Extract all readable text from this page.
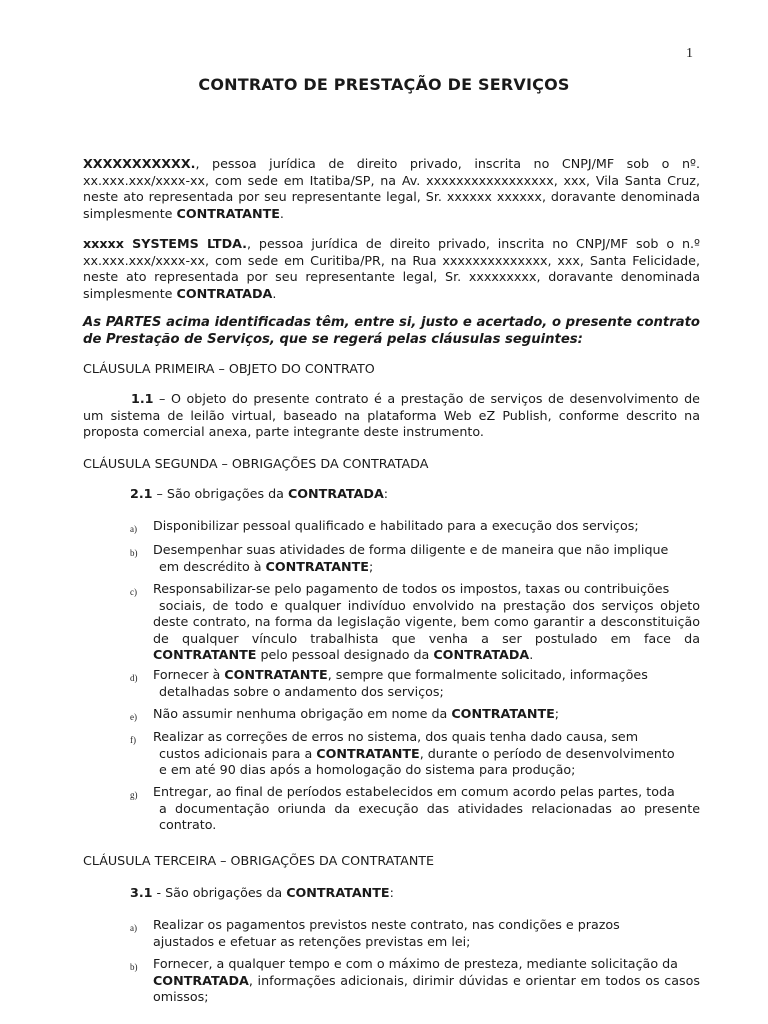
1
CONTRATO DE PRESTAÇÃO DE SERVIÇOS
XXXXXXXXXXX., pessoa jurídica de direito privado, inscrita no CNPJ/MF sob o nº. xx.xxx.xxx/xxxx-xx, com sede em Itatiba/SP, na Av. xxxxxxxxxxxxxxxxx, xxx, Vila Santa Cruz, neste ato representada por seu representante legal, Sr. xxxxxx xxxxxx, doravante denominada simplesmente CONTRATANTE.
xxxxx SYSTEMS LTDA., pessoa jurídica de direito privado, inscrita no CNPJ/MF sob o n.º xx.xxx.xxx/xxxx-xx, com sede em Curitiba/PR, na Rua xxxxxxxxxxxxxx, xxx, Santa Felicidade, neste ato representada por seu representante legal, Sr. xxxxxxxxx, doravante denominada simplesmente CONTRATADA.
As PARTES acima identificadas têm, entre si, justo e acertado, o presente contrato de Prestação de Serviços, que se regerá pelas cláusulas seguintes:
CLÁUSULA PRIMEIRA – OBJETO DO CONTRATO
1.1 – O objeto do presente contrato é a prestação de serviços de desenvolvimento de um sistema de leilão virtual, baseado na plataforma Web eZ Publish, conforme descrito na proposta comercial anexa, parte integrante deste instrumento.
CLÁUSULA SEGUNDA – OBRIGAÇÕES DA CONTRATADA
2.1 – São obrigações da CONTRATADA:
a) Disponibilizar pessoal qualificado e habilitado para a execução dos serviços;
b) Desempenhar suas atividades de forma diligente e de maneira que não implique
em descrédito à CONTRATANTE;
c) Responsabilizar-se pelo pagamento de todos os impostos, taxas ou contribuições
sociais, de todo e qualquer indivíduo envolvido na prestação dos serviços objeto deste contrato, na forma da legislação vigente, bem como garantir a desconstituição de qualquer vínculo trabalhista que venha a ser postulado em face da CONTRATANTE pelo pessoal designado da CONTRATADA.
d) Fornecer à CONTRATANTE, sempre que formalmente solicitado, informações
detalhadas sobre o andamento dos serviços;
e) Não assumir nenhuma obrigação em nome da CONTRATANTE;
f) Realizar as correções de erros no sistema, dos quais tenha dado causa, sem
custos adicionais para a CONTRATANTE, durante o período de desenvolvimento
e em até 90 dias após a homologação do sistema para produção;
g) Entregar, ao final de períodos estabelecidos em comum acordo pelas partes, toda
a documentação oriunda da execução das atividades relacionadas ao presente contrato.
CLÁUSULA TERCEIRA – OBRIGAÇÕES DA CONTRATANTE
3.1 - São obrigações da CONTRATANTE:
a) Realizar os pagamentos previstos neste contrato, nas condições e prazos
ajustados e efetuar as retenções previstas em lei;
b) Fornecer, a qualquer tempo e com o máximo de presteza, mediante solicitação da
CONTRATADA, informações adicionais, dirimir dúvidas e orientar em todos os casos omissos;
